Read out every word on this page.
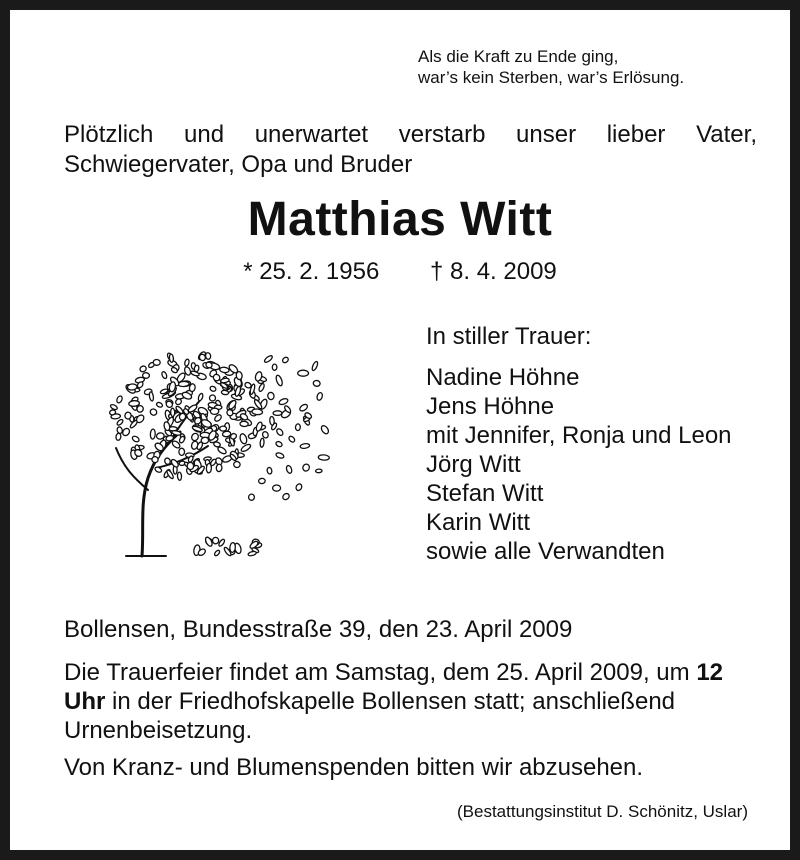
Als die Kraft zu Ende ging,
war’s kein Sterben, war’s Erlösung.
Plötzlich und unerwartet verstarb unser lieber Vater,
Schwiegervater, Opa und Bruder
Matthias Witt
* 25. 2. 1956 † 8. 4. 2009
In stiller Trauer:
Nadine Höhne
Jens Höhne
mit Jennifer, Ronja und Leon
Jörg Witt
Stefan Witt
Karin Witt
sowie alle Verwandten
Bollensen, Bundesstraße 39, den 23. April 2009
Die Trauerfeier findet am Samstag, dem 25. April 2009, um 12 Uhr in der Friedhofskapelle Bollensen statt; anschließend Urnenbeisetzung.
Von Kranz- und Blumenspenden bitten wir abzusehen.
(Bestattungsinstitut D. Schönitz, Uslar)
